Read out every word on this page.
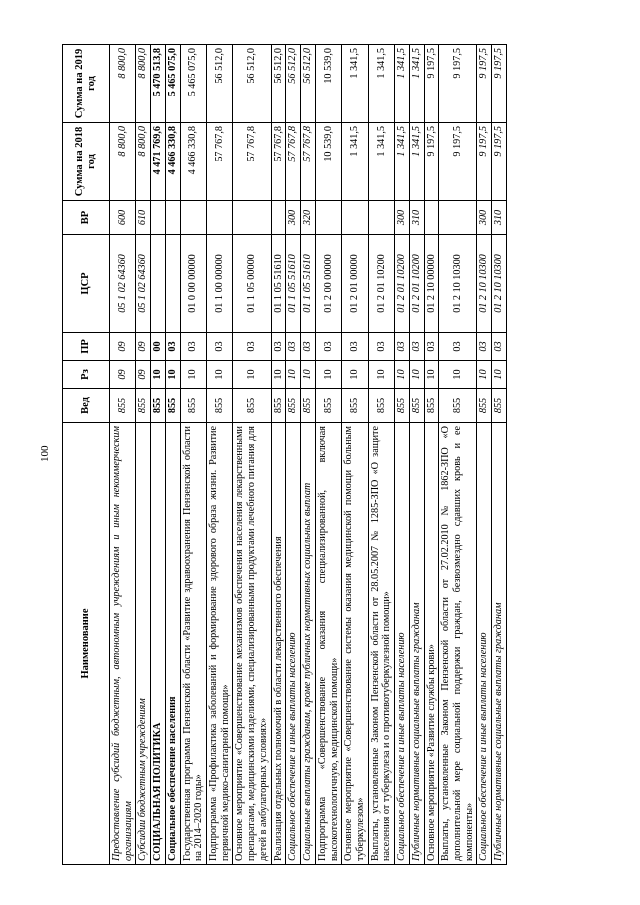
100
Наименование	Вед	Рз	ПР	ЦСР	ВР	Сумма на 2018 год	Сумма на 2019 год
Предоставление субсидий бюджетным, автономным учреждениям и иным некоммерческим организациям	855	09	09	05 1 02 64360	600	8 800,0	8 800,0
Субсидии бюджетным учреждениям	855	09	09	05 1 02 64360	610	8 800,0	8 800,0
СОЦИАЛЬНАЯ ПОЛИТИКА	855	10	00			4 471 769,6	5 470 513,8
Социальное обеспечение населения	855	10	03			4 466 330,8	5 465 075,0
Государственная программа Пензенской области «Развитие здравоохранения Пензенской области на 2014–2020 годы»	855	10	03	01 0 00 00000		4 466 330,8	5 465 075,0
Подпрограмма «Профилактика заболеваний и формирование здорового образа жизни. Развитие первичной медико-санитарной помощи»	855	10	03	01 1 00 00000		57 767,8	56 512,0
Основное мероприятие «Совершенствование механизмов обеспечения населения лекарственными препаратами, медицинскими изделиями, специализированными продуктами лечебного питания для детей в амбулаторных условиях»	855	10	03	01 1 05 00000		57 767,8	56 512,0
Реализация отдельных полномочий в области лекарственного обеспечения	855	10	03	01 1 05 51610		57 767,8	56 512,0
Социальное обеспечение и иные выплаты населению	855	10	03	01 1 05 51610	300	57 767,8	56 512,0
Социальные выплаты гражданам, кроме публичных нормативных социальных выплат	855	10	03	01 1 05 51610	320	57 767,8	56 512,0
Подпрограмма «Совершенствование оказания специализированной, включая высокотехнологичную, медицинской помощи»	855	10	03	01 2 00 00000		10 539,0	10 539,0
Основное мероприятие «Совершенствование системы оказания медицинской помощи больным туберкулезом»	855	10	03	01 2 01 00000		1 341,5	1 341,5
Выплаты, установленные Законом Пензенской области от 28.05.2007 № 1285-ЗПО «О защите населения от туберкулеза и о противотуберкулезной помощи»	855	10	03	01 2 01 10200		1 341,5	1 341,5
Социальное обеспечение и иные выплаты населению	855	10	03	01 2 01 10200	300	1 341,5	1 341,5
Публичные нормативные социальные выплаты гражданам	855	10	03	01 2 01 10200	310	1 341,5	1 341,5
Основное мероприятие «Развитие службы крови»	855	10	03	01 2 10 00000		9 197,5	9 197,5
Выплаты, установленные Законом Пензенской области от 27.02.2010 № 1862-ЗПО «О дополнительной мере социальной поддержки граждан, безвозмездно сдавших кровь и ее компоненты»	855	10	03	01 2 10 10300		9 197,5	9 197,5
Социальное обеспечение и иные выплаты населению	855	10	03	01 2 10 10300	300	9 197,5	9 197,5
Публичные нормативные социальные выплаты гражданам	855	10	03	01 2 10 10300	310	9 197,5	9 197,5
